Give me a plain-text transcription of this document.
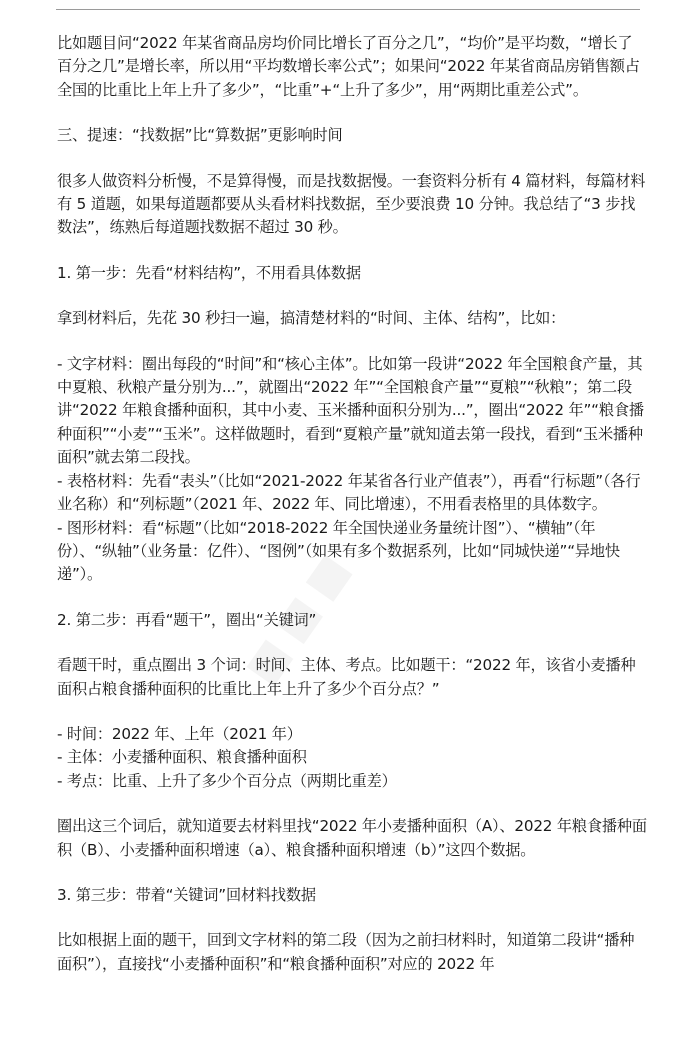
比如题目问“2022 年某省商品房均价同比增长了百分之几”，“均价”是平均数，“增长了百分之几”是增长率，所以用“平均数增长率公式”；如果问“2022 年某省商品房销售额占全国的比重比上年上升了多少”，“比重”+“上升了多少”，用“两期比重差公式”。

三、提速：“找数据”比“算数据”更影响时间

很多人做资料分析慢，不是算得慢，而是找数据慢。一套资料分析有 4 篇材料，每篇材料有 5 道题，如果每道题都要从头看材料找数据，至少要浪费 10 分钟。我总结了“3 步找数法”，练熟后每道题找数据不超过 30 秒。

1. 第一步：先看“材料结构”，不用看具体数据

拿到材料后，先花 30 秒扫一遍，搞清楚材料的“时间、主体、结构”，比如：

- 文字材料：圈出每段的“时间”和“核心主体”。比如第一段讲“2022 年全国粮食产量，其中夏粮、秋粮产量分别为...”，就圈出“2022 年”“全国粮食产量”“夏粮”“秋粮”；第二段讲“2022 年粮食播种面积，其中小麦、玉米播种面积分别为...”，圈出“2022 年”“粮食播种面积”“小麦”“玉米”。这样做题时，看到“夏粮产量”就知道去第一段找，看到“玉米播种面积”就去第二段找。

- 表格材料：先看“表头”（比如“2021-2022 年某省各行业产值表”），再看“行标题”（各行业名称）和“列标题”（2021 年、2022 年、同比增速），不用看表格里的具体数字。

- 图形材料：看“标题”（比如“2018-2022 年全国快递业务量统计图”）、“横轴”（年份）、“纵轴”（业务量：亿件）、“图例”（如果有多个数据系列，比如“同城快递”“异地快递”）。

2. 第二步：再看“题干”，圈出“关键词”

看题干时，重点圈出 3 个词：时间、主体、考点。比如题干：“2022 年，该省小麦播种面积占粮食播种面积的比重比上年上升了多少个百分点？”

- 时间：2022 年、上年（2021 年）

- 主体：小麦播种面积、粮食播种面积

- 考点：比重、上升了多少个百分点（两期比重差）

圈出这三个词后，就知道要去材料里找“2022 年小麦播种面积（A）、2022 年粮食播种面积（B）、小麦播种面积增速（a）、粮食播种面积增速（b）”这四个数据。

3. 第三步：带着“关键词”回材料找数据

比如根据上面的题干，回到文字材料的第二段（因为之前扫材料时，知道第二段讲“播种面积”），直接找“小麦播种面积”和“粮食播种面积”对应的 2022 年
